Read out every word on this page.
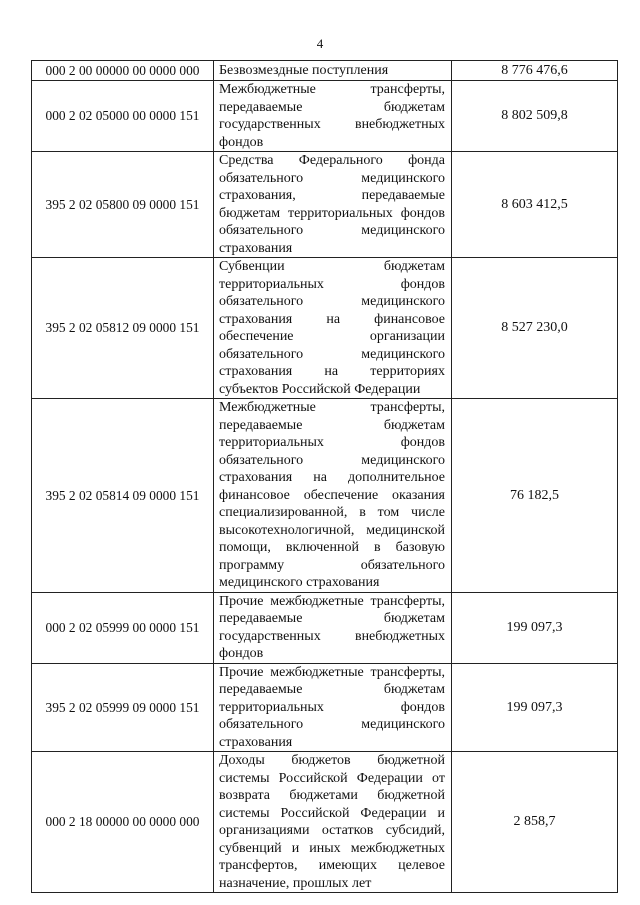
4
000 2 00 00000 00 0000 000	Безвозмездные поступления	8 776 476,6
000 2 02 05000 00 0000 151	Межбюджетные трансферты, передаваемые бюджетам государственных внебюджетных фондов	8 802 509,8
395 2 02 05800 09 0000 151	Средства Федерального фонда обязательного медицинского страхования, передаваемые бюджетам территориальных фондов обязательного медицинского страхования	8 603 412,5
395 2 02 05812 09 0000 151	Субвенции бюджетам территориальных фондов обязательного медицинского страхования на финансовое обеспечение организации обязательного медицинского страхования на территориях субъектов Российской Федерации	8 527 230,0
395 2 02 05814 09 0000 151	Межбюджетные трансферты, передаваемые бюджетам территориальных фондов обязательного медицинского страхования на дополнительное финансовое обеспечение оказания специализированной, в том числе высокотехнологичной, медицинской помощи, включенной в базовую программу обязательного медицинского страхования	76 182,5
000 2 02 05999 00 0000 151	Прочие межбюджетные трансферты, передаваемые бюджетам государственных внебюджетных фондов	199 097,3
395 2 02 05999 09 0000 151	Прочие межбюджетные трансферты, передаваемые бюджетам территориальных фондов обязательного медицинского страхования	199 097,3
000 2 18 00000 00 0000 000	Доходы бюджетов бюджетной системы Российской Федерации от возврата бюджетами бюджетной системы Российской Федерации и организациями остатков субсидий, субвенций и иных межбюджетных трансфертов, имеющих целевое назначение, прошлых лет	2 858,7
